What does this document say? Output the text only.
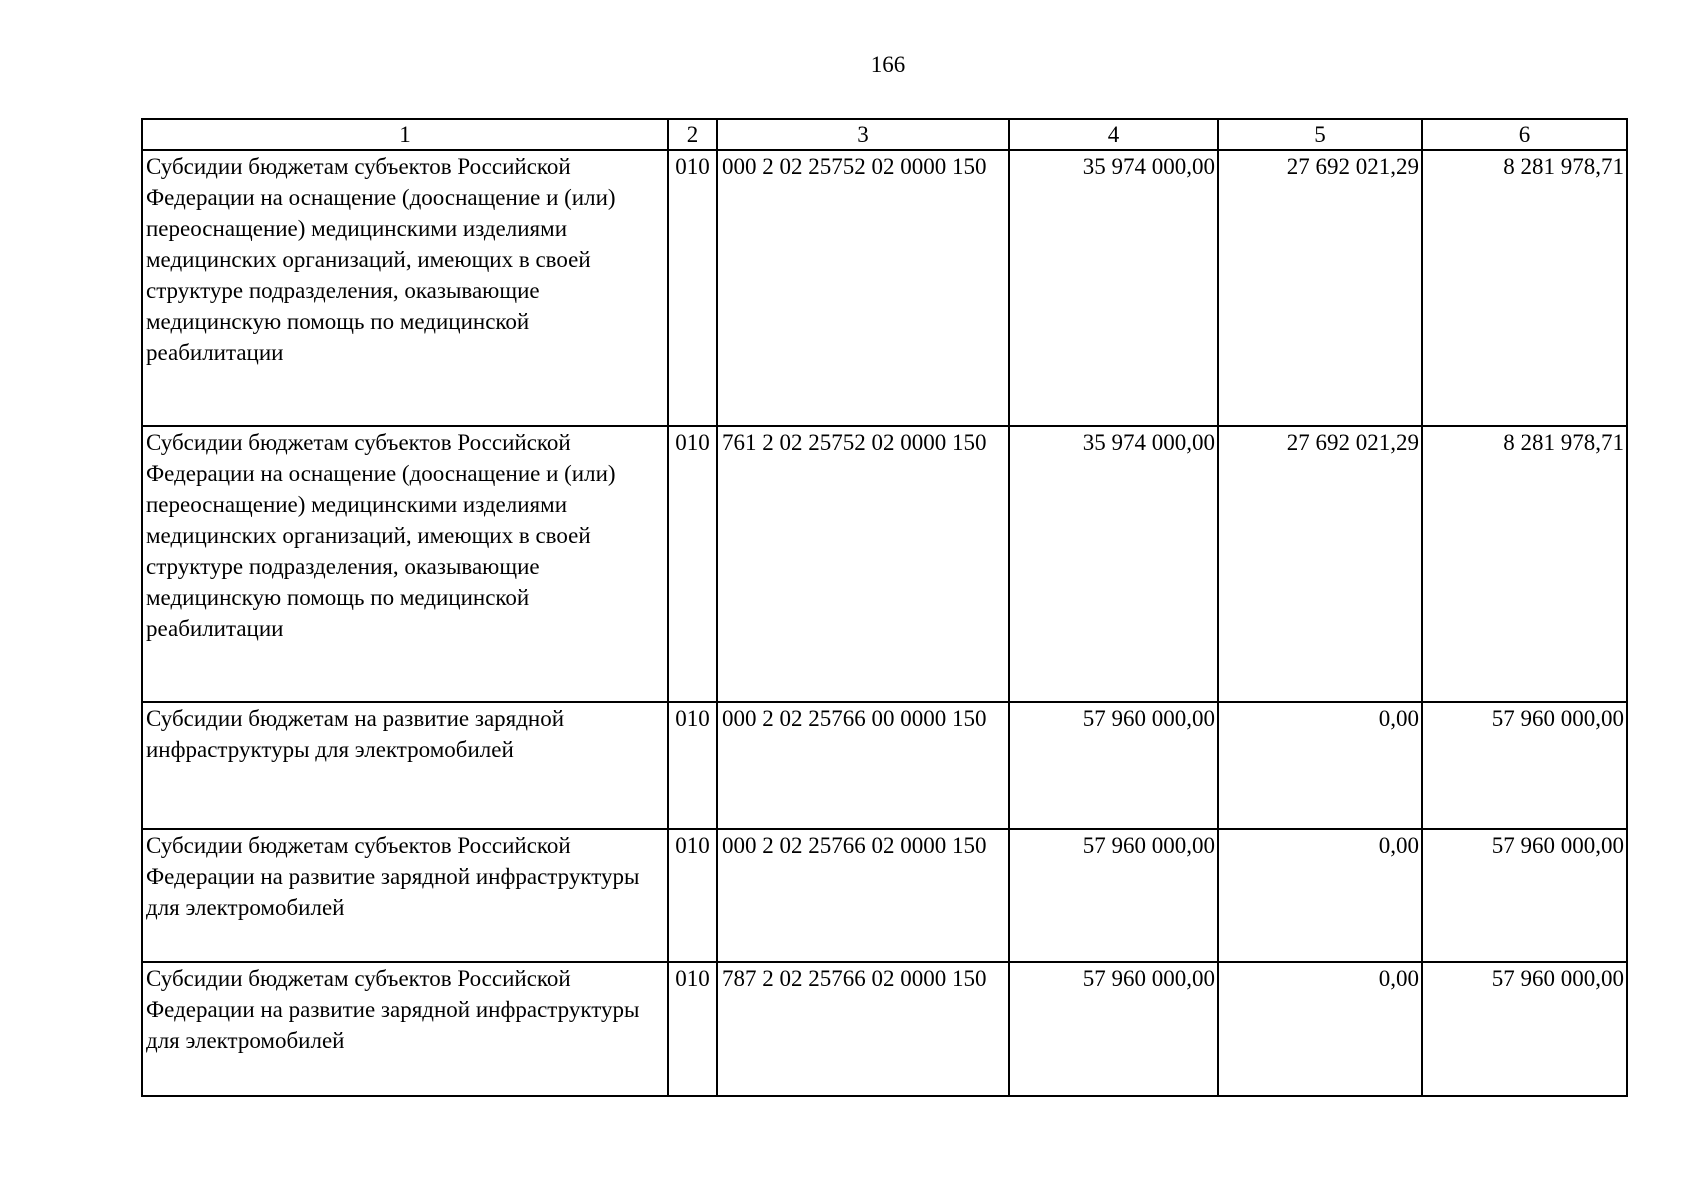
166
1	2	3	4	5	6
Субсидии бюджетам субъектов Российской Федерации на оснащение (дооснащение и (или) переоснащение) медицинскими изделиями медицинских организаций, имеющих в своей структуре подразделения, оказывающие медицинскую помощь по медицинской реабилитации	010	000 2 02 25752 02 0000 150	35 974 000,00	27 692 021,29	8 281 978,71
Субсидии бюджетам субъектов Российской Федерации на оснащение (дооснащение и (или) переоснащение) медицинскими изделиями медицинских организаций, имеющих в своей структуре подразделения, оказывающие медицинскую помощь по медицинской реабилитации	010	761 2 02 25752 02 0000 150	35 974 000,00	27 692 021,29	8 281 978,71
Субсидии бюджетам на развитие зарядной инфраструктуры для электромобилей	010	000 2 02 25766 00 0000 150	57 960 000,00	0,00	57 960 000,00
Субсидии бюджетам субъектов Российской Федерации на развитие зарядной инфраструктуры для электромобилей	010	000 2 02 25766 02 0000 150	57 960 000,00	0,00	57 960 000,00
Субсидии бюджетам субъектов Российской Федерации на развитие зарядной инфраструктуры для электромобилей	010	787 2 02 25766 02 0000 150	57 960 000,00	0,00	57 960 000,00
